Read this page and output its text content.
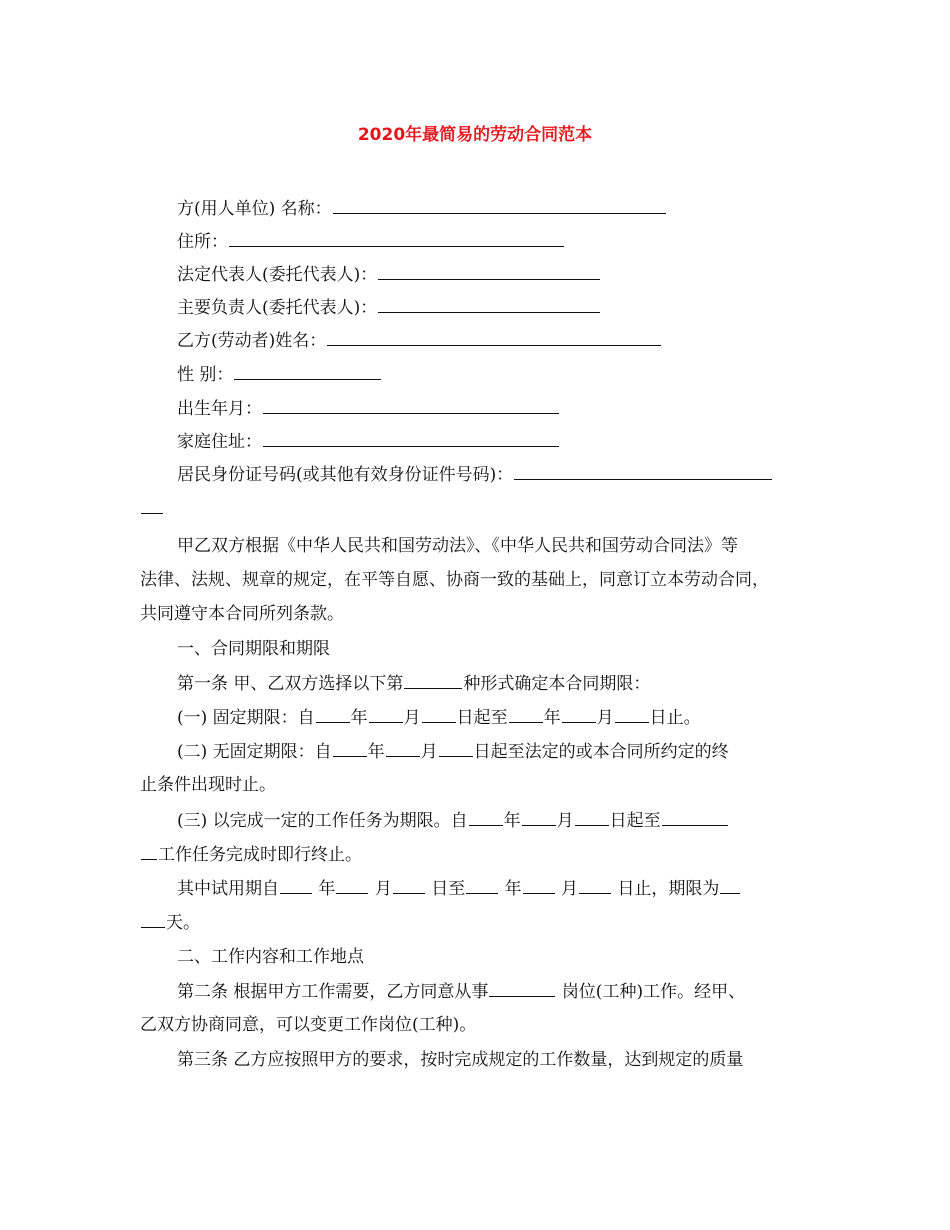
2020年最简易的劳动合同范本
方(用人单位) 名称：
住所：
法定代表人(委托代表人)：
主要负责人(委托代表人)：
乙方(劳动者)姓名：
性 别：
出生年月：
家庭住址：
居民身份证号码(或其他有效身份证件号码)：
甲乙双方根据《中华人民共和国劳动法》、《中华人民共和国劳动合同法》等
法律、法规、规章的规定，在平等自愿、协商一致的基础上，同意订立本劳动合同，
共同遵守本合同所列条款。
一、合同期限和期限
第一条 甲、乙双方选择以下第	种形式确定本合同期限：
(一) 固定期限：自 年 月 日起至 年 月 日止。
(二) 无固定期限：自 年 月 日起至法定的或本合同所约定的终
止条件出现时止。
(三) 以完成一定的工作任务为期限。自 年 月 日起至
工作任务完成时即行终止。
其中试用期自 年 月 日至 年 月 日止，期限为
天。
二、工作内容和工作地点
第二条 根据甲方工作需要，乙方同意从事	岗位(工种)工作。经甲、
乙双方协商同意，可以变更工作岗位(工种)。
第三条 乙方应按照甲方的要求，按时完成规定的工作数量，达到规定的质量
